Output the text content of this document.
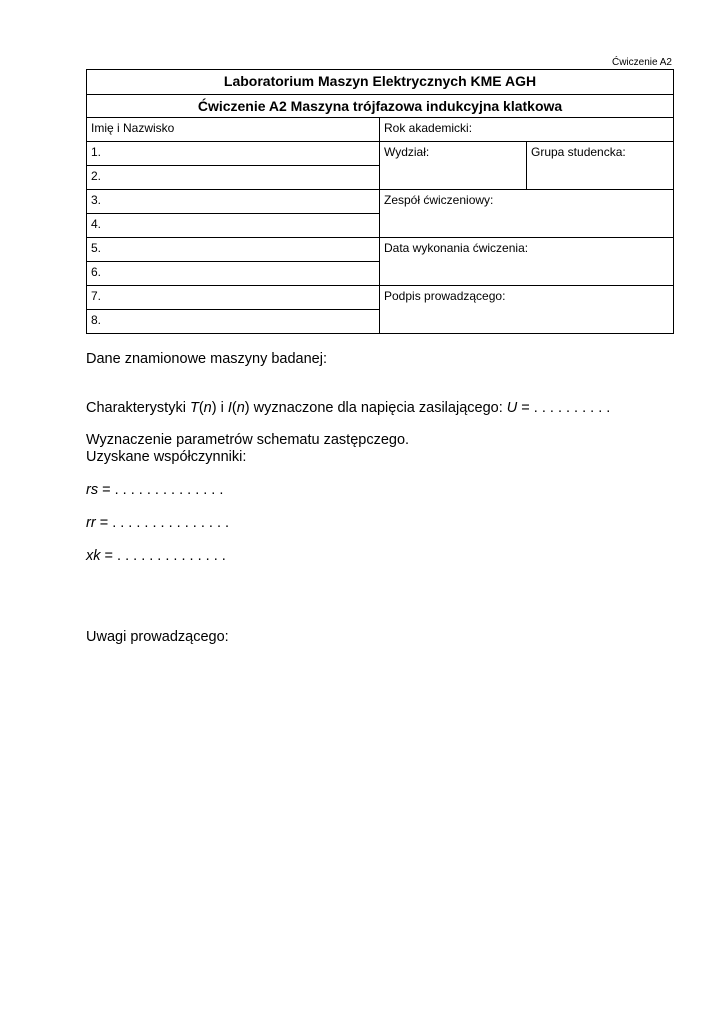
Ćwiczenie A2
Laboratorium Maszyn Elektrycznych KME AGH		
Ćwiczenie A2 Maszyna trójfazowa indukcyjna klatkowa		
Imię i Nazwisko	Rok akademicki:	
1.	Wydział:	Grupa studencka:
2.		
3.	Zespół ćwiczeniowy:	
4.		
5.	Data wykonania ćwiczenia:	
6.		
7.	Podpis prowadzącego:	
8.		
Dane znamionowe maszyny badanej:
Charakterystyki T(n) i I(n) wyznaczone dla napięcia zasilającego: U = . . . . . . . . . .
Wyznaczenie parametrów schematu zastępczego.
Uzyskane współczynniki:
rs = . . . . . . . . . . . . . .
rr = . . . . . . . . . . . . . . .
xk = . . . . . . . . . . . . . .
Uwagi prowadzącego:
